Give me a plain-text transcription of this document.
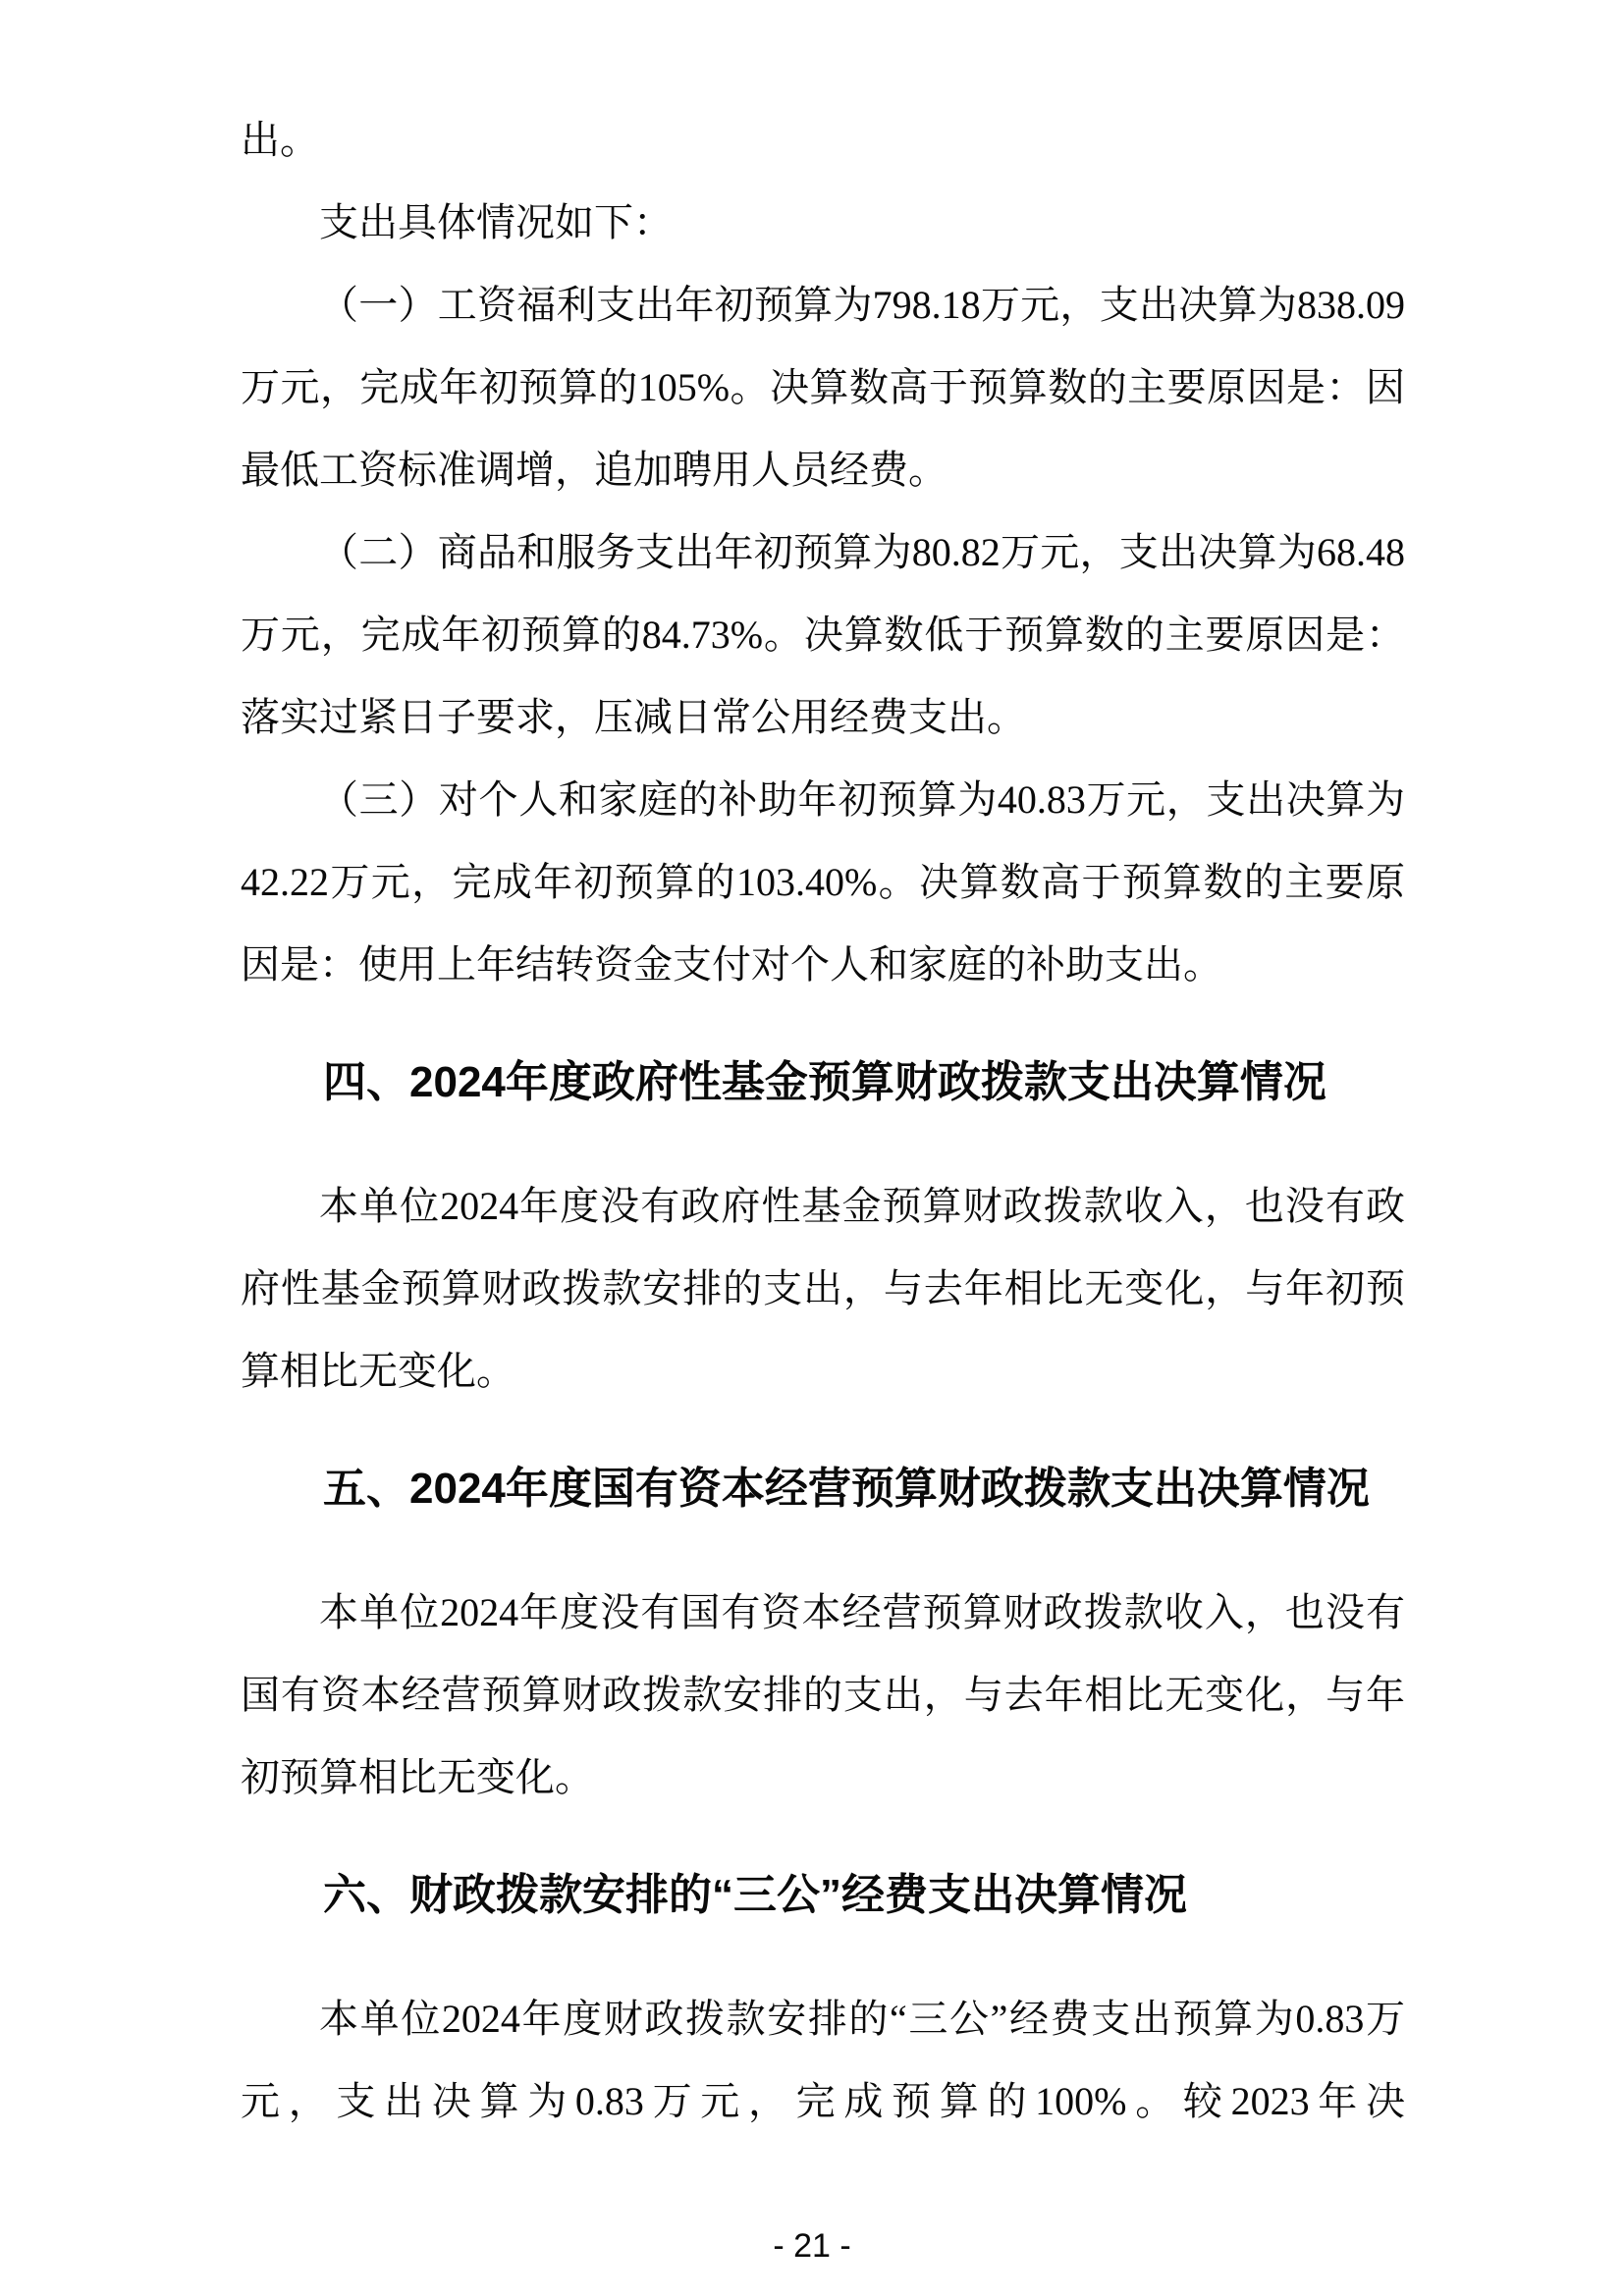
出。

支出具体情况如下：

（一）工资福利支出年初预算为798.18万元，支出决算为838.09万元，完成年初预算的105%。决算数高于预算数的主要原因是：因最低工资标准调增，追加聘用人员经费。

（二）商品和服务支出年初预算为80.82万元，支出决算为68.48万元，完成年初预算的84.73%。决算数低于预算数的主要原因是：落实过紧日子要求，压减日常公用经费支出。

（三）对个人和家庭的补助年初预算为40.83万元，支出决算为42.22万元，完成年初预算的103.40%。决算数高于预算数的主要原因是：使用上年结转资金支付对个人和家庭的补助支出。

四、2024年度政府性基金预算财政拨款支出决算情况

本单位2024年度没有政府性基金预算财政拨款收入，也没有政府性基金预算财政拨款安排的支出，与去年相比无变化，与年初预算相比无变化。

五、2024年度国有资本经营预算财政拨款支出决算情况

本单位2024年度没有国有资本经营预算财政拨款收入，也没有国有资本经营预算财政拨款安排的支出，与去年相比无变化，与年初预算相比无变化。

六、财政拨款安排的“三公”经费支出决算情况

本单位2024年度财政拨款安排的“三公”经费支出预算为0.83万元，支出决算为0.83万元，完成预算的100%。较2023年决

- 21 -
